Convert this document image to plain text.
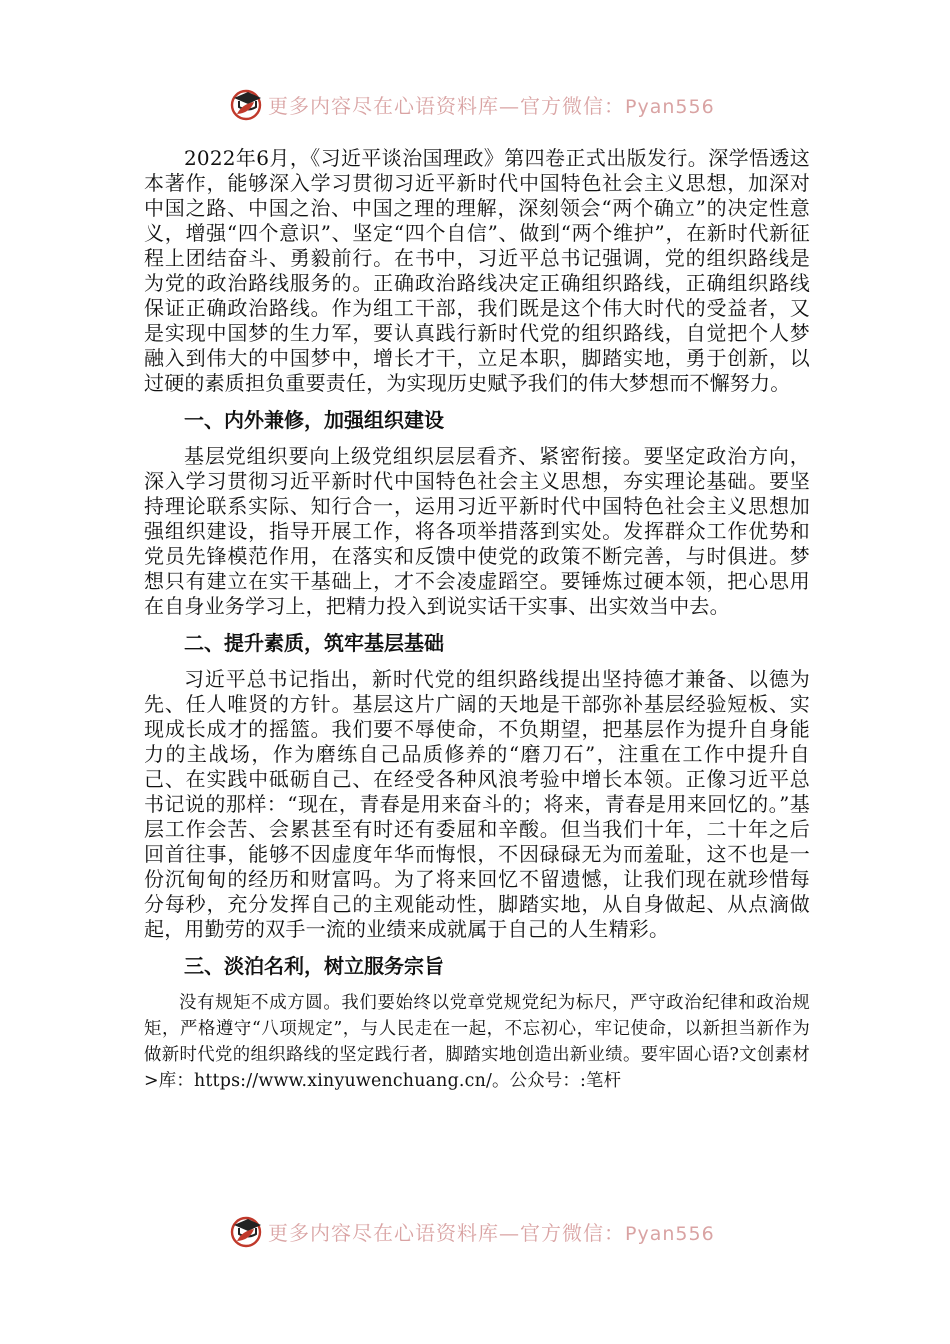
更多内容尽在心语资料库—官方微信：Pyan556

2022年6月，《习近平谈治国理政》第四卷正式出版发行。深学悟透这本著作，能够深入学习贯彻习近平新时代中国特色社会主义思想，加深对中国之路、中国之治、中国之理的理解，深刻领会“两个确立”的决定性意义，增强“四个意识”、坚定“四个自信”、做到“两个维护”，在新时代新征程上团结奋斗、勇毅前行。在书中，习近平总书记强调，党的组织路线是为党的政治路线服务的。正确政治路线决定正确组织路线，正确组织路线保证正确政治路线。作为组工干部，我们既是这个伟大时代的受益者，又是实现中国梦的生力军，要认真践行新时代党的组织路线，自觉把个人梦融入到伟大的中国梦中，增长才干，立足本职，脚踏实地，勇于创新，以过硬的素质担负重要责任，为实现历史赋予我们的伟大梦想而不懈努力。

一、内外兼修，加强组织建设

基层党组织要向上级党组织层层看齐、紧密衔接。要坚定政治方向，深入学习贯彻习近平新时代中国特色社会主义思想，夯实理论基础。要坚持理论联系实际、知行合一，运用习近平新时代中国特色社会主义思想加强组织建设，指导开展工作，将各项举措落到实处。发挥群众工作优势和党员先锋模范作用，在落实和反馈中使党的政策不断完善，与时俱进。梦想只有建立在实干基础上，才不会凌虚蹈空。要锤炼过硬本领，把心思用在自身业务学习上，把精力投入到说实话干实事、出实效当中去。

二、提升素质，筑牢基层基础

习近平总书记指出，新时代党的组织路线提出坚持德才兼备、以德为先、任人唯贤的方针。基层这片广阔的天地是干部弥补基层经验短板、实现成长成才的摇篮。我们要不辱使命，不负期望，把基层作为提升自身能力的主战场，作为磨练自己品质修养的“磨刀石”，注重在工作中提升自己、在实践中砥砺自己、在经受各种风浪考验中增长本领。正像习近平总书记说的那样：“现在，青春是用来奋斗的；将来，青春是用来回忆的。”基层工作会苦、会累甚至有时还有委屈和辛酸。但当我们十年，二十年之后回首往事，能够不因虚度年华而悔恨，不因碌碌无为而羞耻，这不也是一份沉甸甸的经历和财富吗。为了将来回忆不留遗憾，让我们现在就珍惜每分每秒，充分发挥自己的主观能动性，脚踏实地，从自身做起、从点滴做起，用勤劳的双手一流的业绩来成就属于自己的人生精彩。

三、淡泊名利，树立服务宗旨

没有规矩不成方圆。我们要始终以党章党规党纪为标尺，严守政治纪律和政治规矩，严格遵守“八项规定”，与人民走在一起，不忘初心，牢记使命，以新担当新作为做新时代党的组织路线的坚定践行者，脚踏实地创造出新业绩。要牢固心语?文创素材>库：https://www.xinyuwenchuang.cn/。公众号：:笔杆

更多内容尽在心语资料库—官方微信：Pyan556
